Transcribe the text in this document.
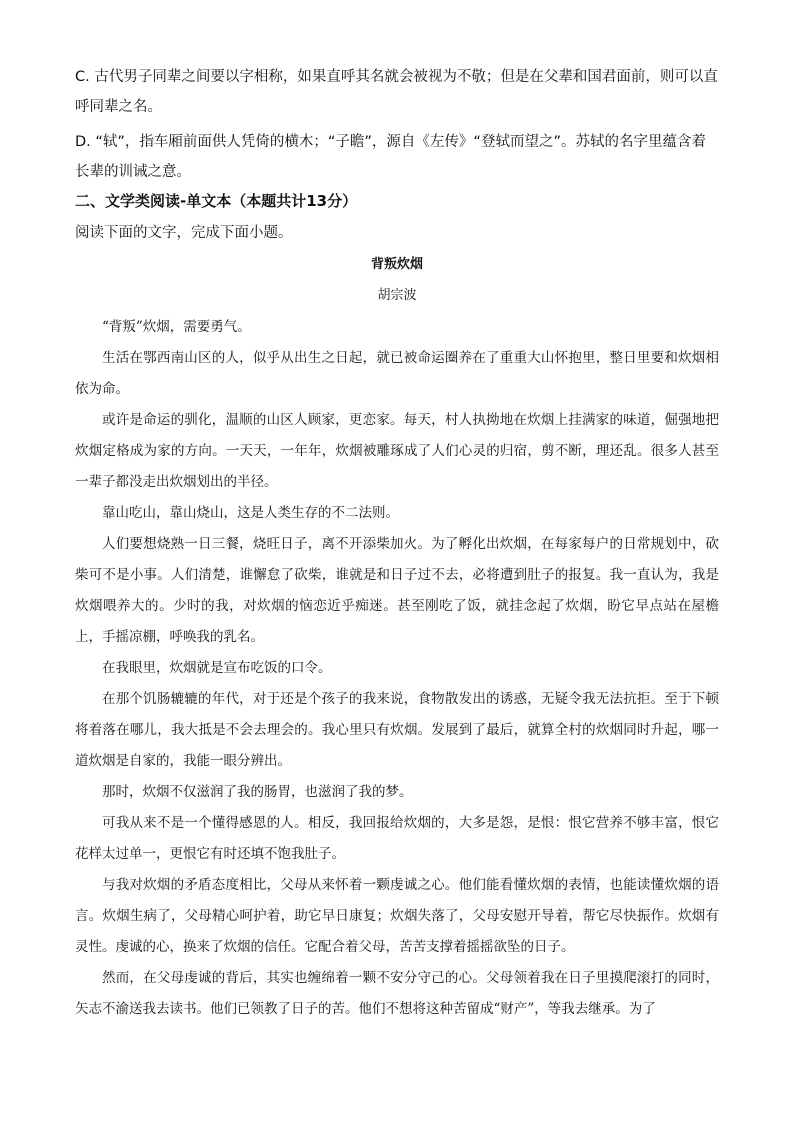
C. 古代男子同辈之间要以字相称，如果直呼其名就会被视为不敬；但是在父辈和国君面前，则可以直呼同辈之名。

D. “轼”，指车厢前面供人凭倚的横木；“子瞻”，源自《左传》“登轼而望之”。苏轼的名字里蕴含着长辈的训诫之意。

二、文学类阅读-单文本（本题共计13分）

阅读下面的文字，完成下面小题。

背叛炊烟

胡宗波

“背叛”炊烟，需要勇气。

生活在鄂西南山区的人，似乎从出生之日起，就已被命运圈养在了重重大山怀抱里，整日里要和炊烟相依为命。

或许是命运的驯化，温顺的山区人顾家，更恋家。每天，村人执拗地在炊烟上挂满家的味道，倔强地把炊烟定格成为家的方向。一天天，一年年，炊烟被雕琢成了人们心灵的归宿，剪不断，理还乱。很多人甚至一辈子都没走出炊烟划出的半径。

靠山吃山，靠山烧山，这是人类生存的不二法则。

人们要想烧熟一日三餐，烧旺日子，离不开添柴加火。为了孵化出炊烟，在每家每户的日常规划中，砍柴可不是小事。人们清楚，谁懈怠了砍柴，谁就是和日子过不去，必将遭到肚子的报复。我一直认为，我是炊烟喂养大的。少时的我，对炊烟的恼恋近乎痴迷。甚至刚吃了饭，就挂念起了炊烟，盼它早点站在屋檐上，手摇凉棚，呼唤我的乳名。

在我眼里，炊烟就是宣布吃饭的口令。

在那个饥肠辘辘的年代，对于还是个孩子的我来说，食物散发出的诱惑，无疑令我无法抗拒。至于下顿将着落在哪儿，我大抵是不会去理会的。我心里只有炊烟。发展到了最后，就算全村的炊烟同时升起，哪一道炊烟是自家的，我能一眼分辨出。

那时，炊烟不仅滋润了我的肠胃，也滋润了我的梦。

可我从来不是一个懂得感恩的人。相反，我回报给炊烟的，大多是怨，是恨：恨它营养不够丰富，恨它花样太过单一，更恨它有时还填不饱我肚子。

与我对炊烟的矛盾态度相比，父母从来怀着一颗虔诚之心。他们能看懂炊烟的表情，也能读懂炊烟的语言。炊烟生病了，父母精心呵护着，助它早日康复；炊烟失落了，父母安慰开导着，帮它尽快振作。炊烟有灵性。虔诚的心，换来了炊烟的信任。它配合着父母，苦苦支撑着摇摇欲坠的日子。

然而，在父母虔诚的背后，其实也缠绵着一颗不安分守己的心。父母领着我在日子里摸爬滚打的同时，矢志不渝送我去读书。他们已领教了日子的苦。他们不想将这种苦留成“财产”，等我去继承。为了
